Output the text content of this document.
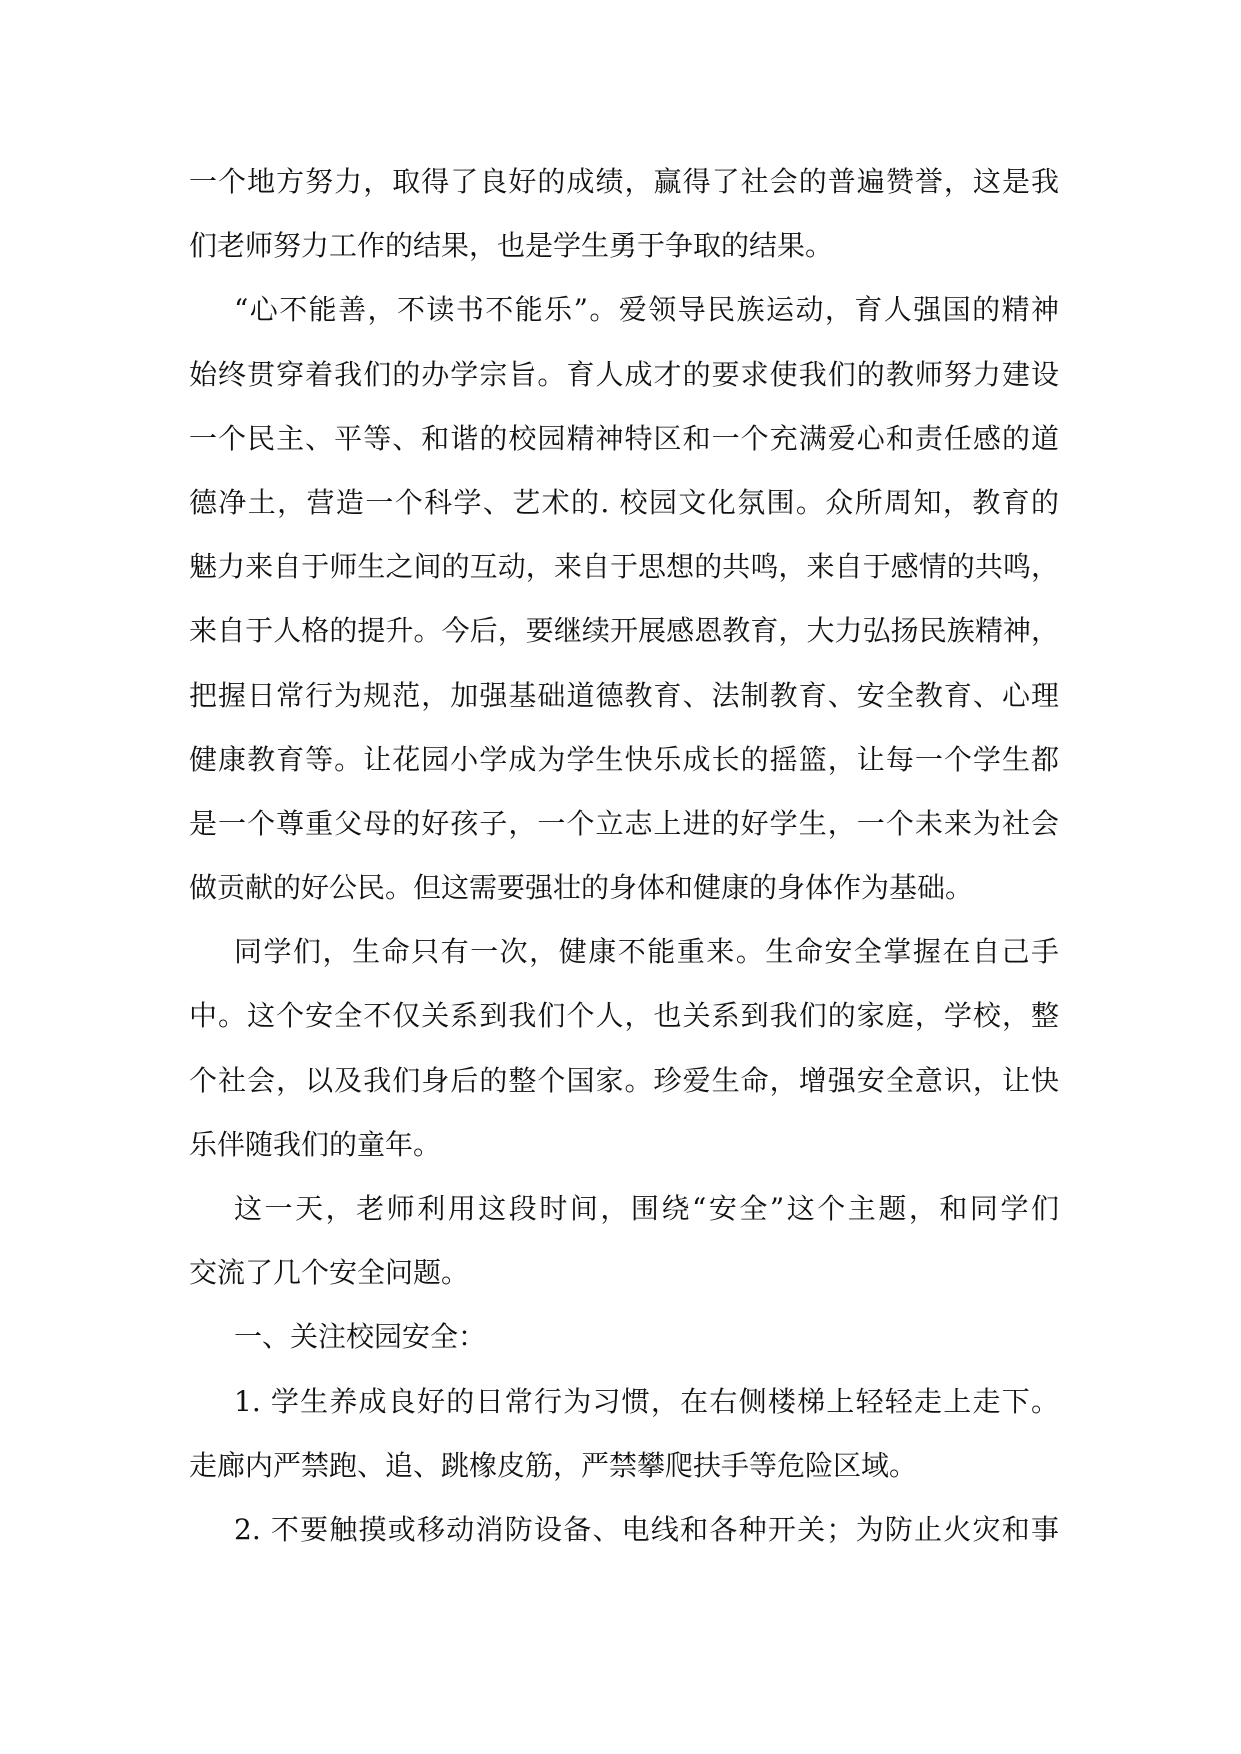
一个地方努力，取得了良好的成绩，赢得了社会的普遍赞誉，这是我
们老师努力工作的结果，也是学生勇于争取的结果。
“心不能善，不读书不能乐”。爱领导民族运动，育人强国的精神
始终贯穿着我们的办学宗旨。育人成才的要求使我们的教师努力建设
一个民主、平等、和谐的校园精神特区和一个充满爱心和责任感的道
德净土，营造一个科学、艺术的. 校园文化氛围。众所周知，教育的
魅力来自于师生之间的互动，来自于思想的共鸣，来自于感情的共鸣，
来自于人格的提升。今后，要继续开展感恩教育，大力弘扬民族精神，
把握日常行为规范，加强基础道德教育、法制教育、安全教育、心理
健康教育等。让花园小学成为学生快乐成长的摇篮，让每一个学生都
是一个尊重父母的好孩子，一个立志上进的好学生，一个未来为社会
做贡献的好公民。但这需要强壮的身体和健康的身体作为基础。
同学们，生命只有一次，健康不能重来。生命安全掌握在自己手
中。这个安全不仅关系到我们个人，也关系到我们的家庭，学校，整
个社会，以及我们身后的整个国家。珍爱生命，增强安全意识，让快
乐伴随我们的童年。
这一天，老师利用这段时间，围绕“安全”这个主题，和同学们
交流了几个安全问题。
一、关注校园安全：
1. 学生养成良好的日常行为习惯，在右侧楼梯上轻轻走上走下。
走廊内严禁跑、追、跳橡皮筋，严禁攀爬扶手等危险区域。
2. 不要触摸或移动消防设备、电线和各种开关；为防止火灾和事
